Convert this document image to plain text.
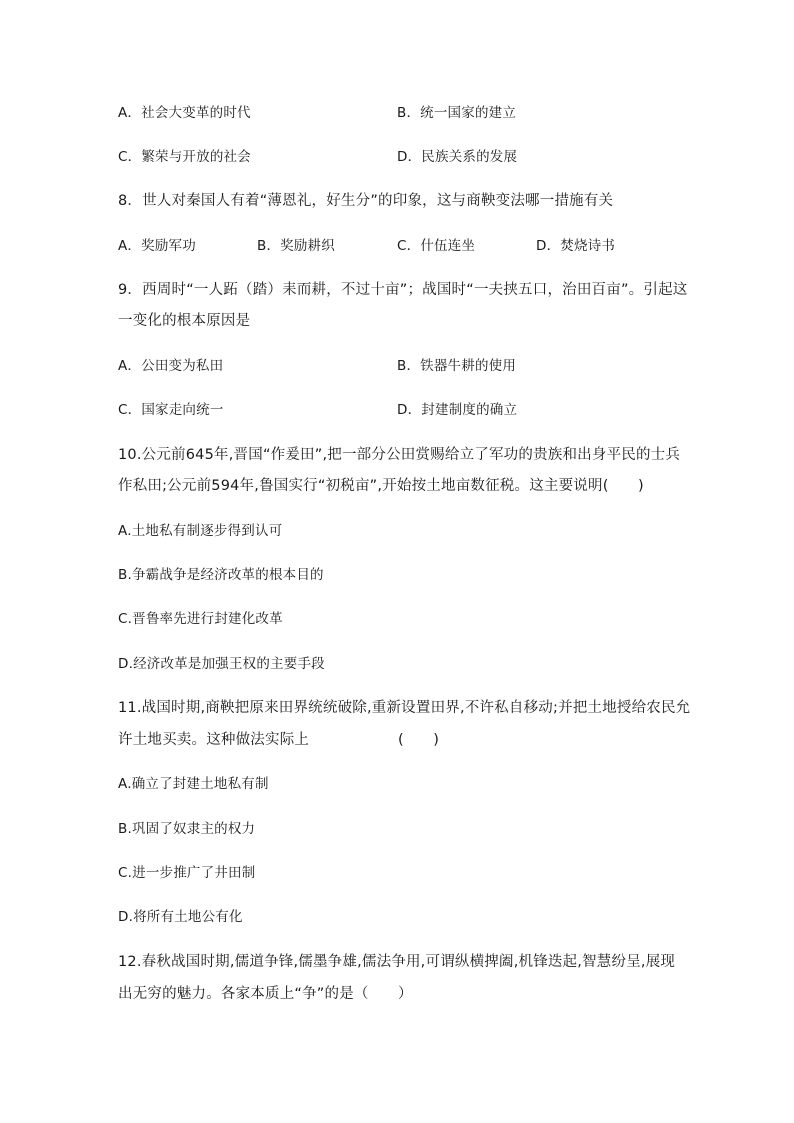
A．社会大变革的时代	B．统一国家的建立
C．繁荣与开放的社会	D．民族关系的发展
8．世人对秦国人有着“薄恩礼，好生分”的印象，这与商鞅变法哪一措施有关
A．奖励军功	B．奖励耕织	C．什伍连坐	D．焚烧诗书
9．西周时“一人跖（踏）耒而耕，不过十亩”；战国时“一夫挟五口，治田百亩”。引起这
一变化的根本原因是
A．公田变为私田	B．铁器牛耕的使用
C．国家走向统一	D．封建制度的确立
10.公元前645年,晋国“作爰田”,把一部分公田赏赐给立了军功的贵族和出身平民的士兵
作私田;公元前594年,鲁国实行“初税亩”,开始按土地亩数征税。这主要说明(　　)
A.土地私有制逐步得到认可
B.争霸战争是经济改革的根本目的
C.晋鲁率先进行封建化改革
D.经济改革是加强王权的主要手段
11.战国时期,商鞅把原来田界统统破除,重新设置田界,不许私自移动;并把土地授给农民允
许土地买卖。这种做法实际上	(　　)
A.确立了封建土地私有制
B.巩固了奴隶主的权力
C.进一步推广了井田制
D.将所有土地公有化
12.春秋战国时期,儒道争锋,儒墨争雄,儒法争用,可谓纵横捭阖,机锋迭起,智慧纷呈,展现
出无穷的魅力。各家本质上“争”的是（　　）
